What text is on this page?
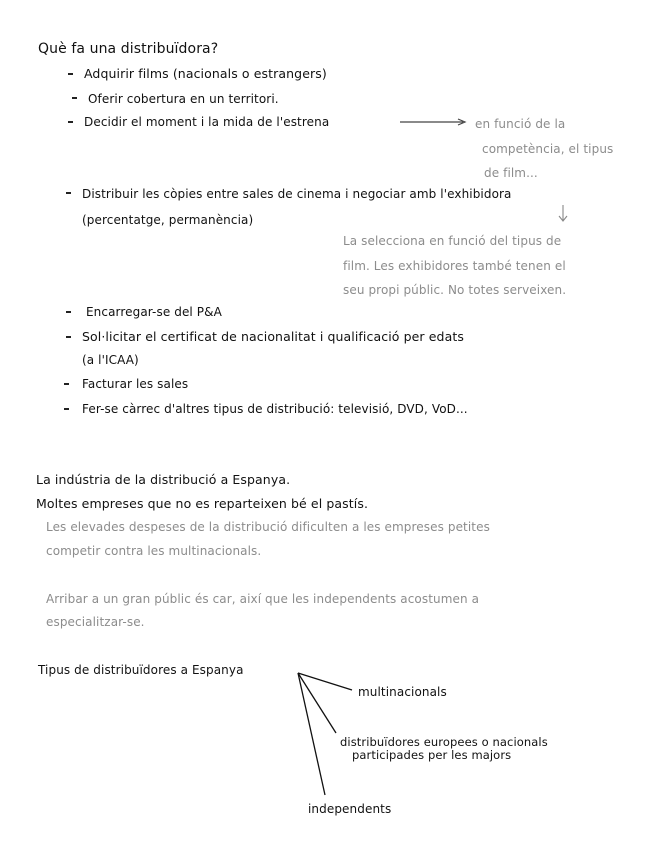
Què fa una distribuïdora?
Adquirir films (nacionals o estrangers)
Oferir cobertura en un territori.
Decidir el moment i la mida de l'estrena	en funció de la
competència, el tipus
de film...
Distribuir les còpies entre sales de cinema i negociar amb l'exhibidora
(percentatge, permanència)
La selecciona en funció del tipus de
film. Les exhibidores també tenen el
seu propi públic. No totes serveixen.
Encarregar-se del P&A
Sol·licitar el certificat de nacionalitat i qualificació per edats
(a l'ICAA)
Facturar les sales
Fer-se càrrec d'altres tipus de distribució: televisió, DVD, VoD...
La indústria de la distribució a Espanya.
Moltes empreses que no es reparteixen bé el pastís.
Les elevades despeses de la distribució dificulten a les empreses petites
competir contra les multinacionals.
Arribar a un gran públic és car, així que les independents acostumen a
especialitzar-se.
Tipus de distribuïdores a Espanya
multinacionals
distribuïdores europees o nacionals
participades per les majors
independents
